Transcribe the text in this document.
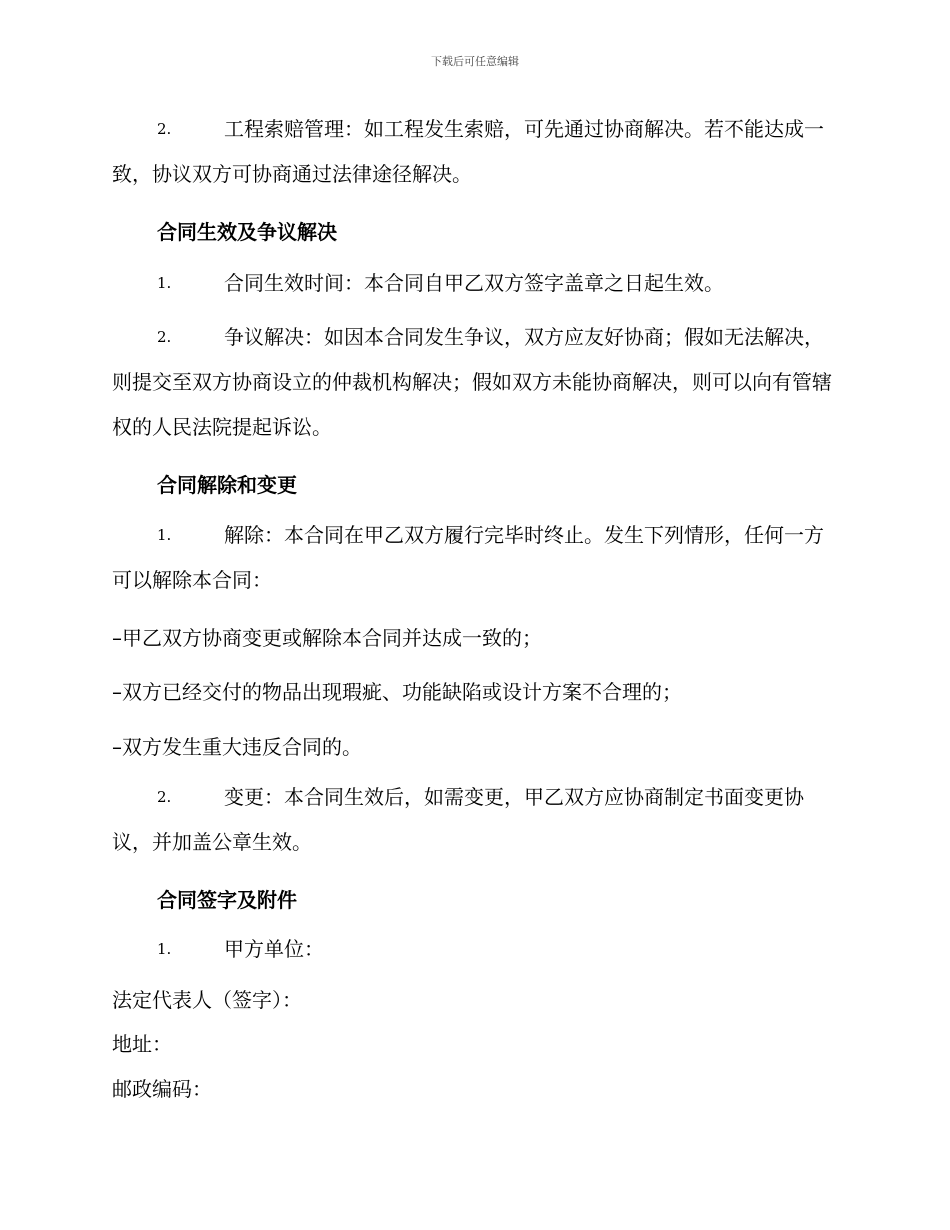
下载后可任意编辑
2.	工程索赔管理：如工程发生索赔，可先通过协商解决。若不能达成一致，协议双方可协商通过法律途径解决。

合同生效及争议解决

1.	合同生效时间：本合同自甲乙双方签字盖章之日起生效。
2.	争议解决：如因本合同发生争议，双方应友好协商；假如无法解决，则提交至双方协商设立的仲裁机构解决；假如双方未能协商解决，则可以向有管辖权的人民法院提起诉讼。

合同解除和变更

1.	解除：本合同在甲乙双方履行完毕时终止。发生下列情形，任何一方可以解除本合同：

–甲乙双方协商变更或解除本合同并达成一致的；

–双方已经交付的物品出现瑕疵、功能缺陷或设计方案不合理的；

–双方发生重大违反合同的。

2.	变更：本合同生效后，如需变更，甲乙双方应协商制定书面变更协议，并加盖公章生效。

合同签字及附件

1.	甲方单位：

法定代表人（签字）：

地址：

邮政编码：
